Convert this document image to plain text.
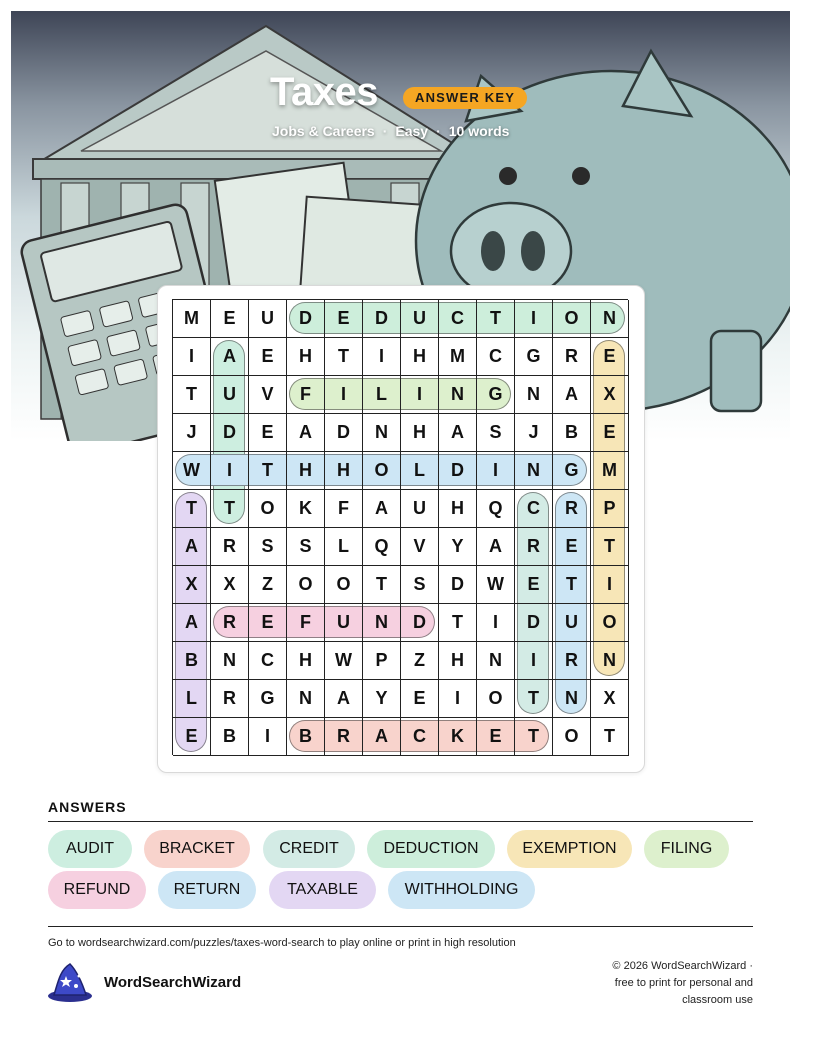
Taxes	ANSWER KEY
Jobs & Careers · Easy · 10 words
M	E	U	D	E	D	U	C	T	I	O	N
I	A	E	H	T	I	H	M	C	G	R	E
T	U	V	F	I	L	I	N	G	N	A	X
J	D	E	A	D	N	H	A	S	J	B	E
W	I	T	H	H	O	L	D	I	N	G	M
T	T	O	K	F	A	U	H	Q	C	R	P
A	R	S	S	L	Q	V	Y	A	R	E	T
X	X	Z	O	O	T	S	D	W	E	T	I
A	R	E	F	U	N	D	T	I	D	U	O
B	N	C	H	W	P	Z	H	N	I	R	N
L	R	G	N	A	Y	E	I	O	T	N	X
E	B	I	B	R	A	C	K	E	T	O	T
ANSWERS
AUDIT	BRACKET	CREDIT	DEDUCTION	EXEMPTION	FILING
REFUND	RETURN	TAXABLE	WITHHOLDING
Go to wordsearchwizard.com/puzzles/taxes-word-search to play online or print in high resolution
WordSearchWizard
© 2026 WordSearchWizard ·
free to print for personal and
classroom use
